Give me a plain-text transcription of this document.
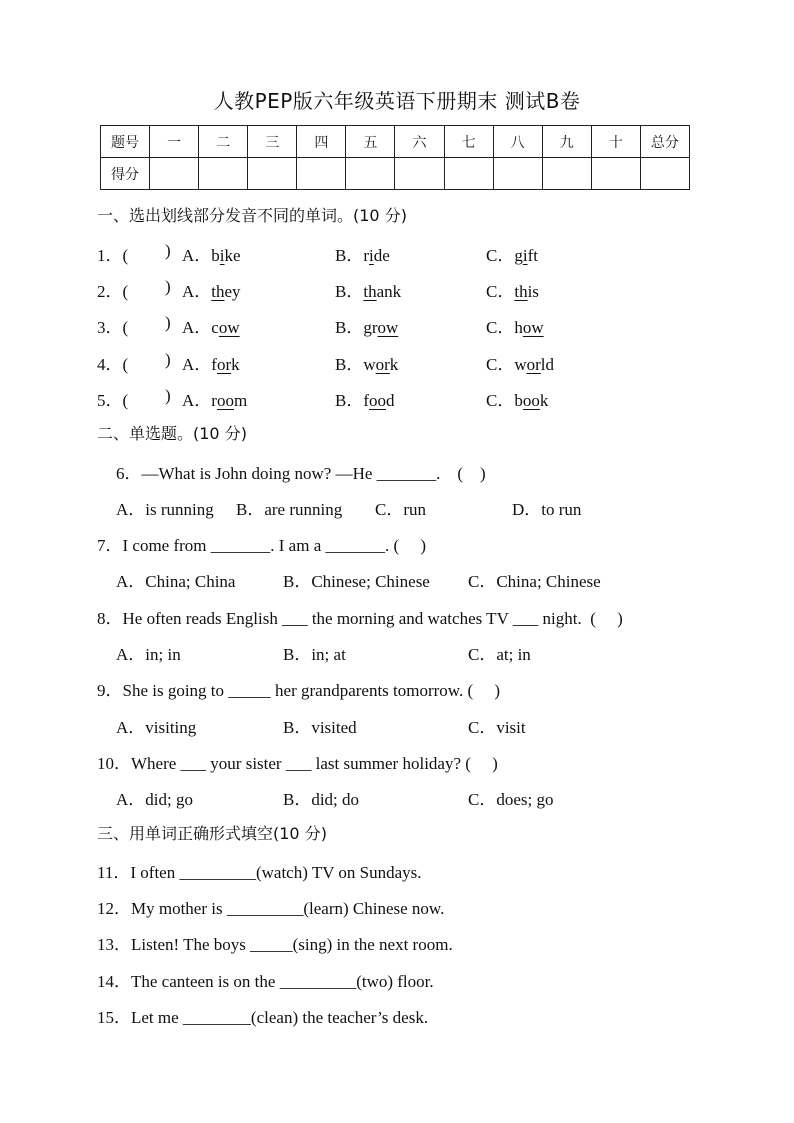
人教PEP版六年级英语下册期末 测试B卷
题号	一	二	三	四	五	六	七	八	九	十	总分
得分											
一、选出划线部分发音不同的单词。(10 分)
1．( ) A．bike	B．ride	C．gift
2．( ) A．they	B．thank	C．this
3．( ) A．cow	B．grow	C．how
4．( ) A．fork	B．work	C．world
5．( ) A．room	B．food	C．book
二、单选题。(10 分)
6．—What is John doing now? —He _______.　(　)
A．is running B．are running C．run	D．to run
7．I come from _______. I am a _______. (　 )
A．China; China	B．Chinese; Chinese C．China; Chinese
8．He often reads English ___ the morning and watches TV ___ night.  (　 )
A．in; in	B．in; at	C．at; in
9．She is going to _____ her grandparents tomorrow. (　 )
A．visiting	B．visited	C．visit
10．Where ___ your sister ___ last summer holiday? (　 )
A．did; go	B．did; do	C．does; go
三、用单词正确形式填空(10 分)
11．I often _________(watch) TV on Sundays.
12．My mother is _________(learn) Chinese now.
13．Listen! The boys _____(sing) in the next room.
14．The canteen is on the _________(two) floor.
15．Let me ________(clean) the teacher’s desk.
